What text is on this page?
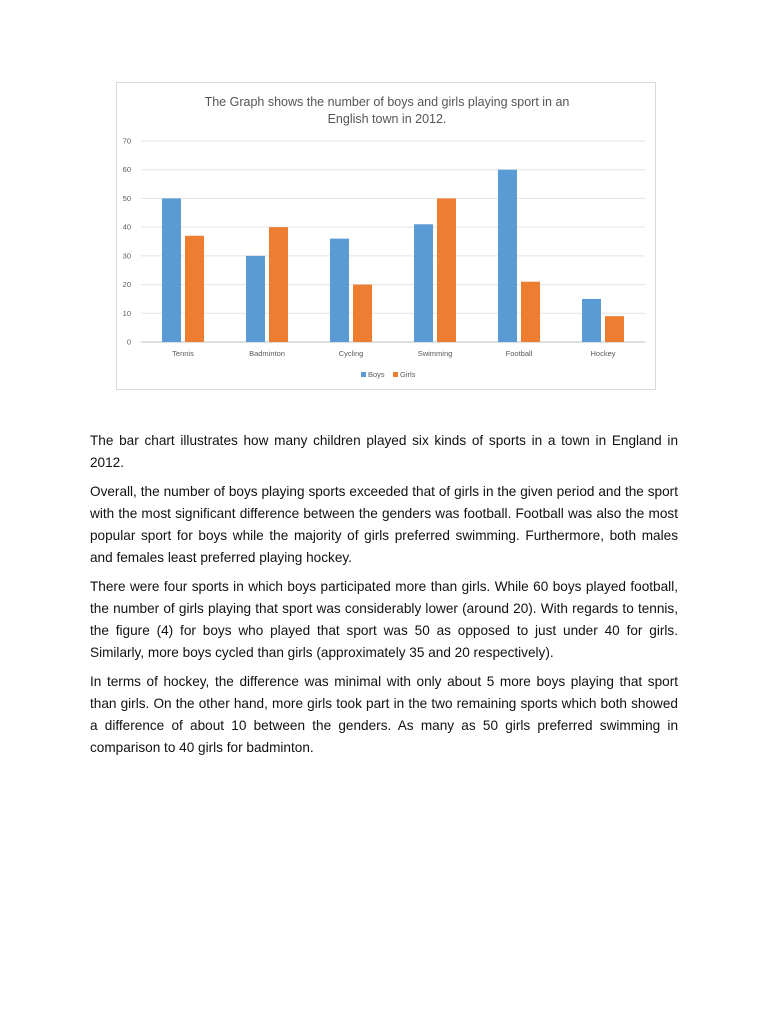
The Graph shows the number of boys and girls playing sport in an
English town in 2012.
0
10
20
30
40
50
60
70
Tennis	Badminton	Cycling	Swimming	Football	Hockey
Boys Girls

The bar chart illustrates how many children played six kinds of sports in a town in England in 2012.

Overall, the number of boys playing sports exceeded that of girls in the given period and the sport with the most significant difference between the genders was football. Football was also the most popular sport for boys while the majority of girls preferred swimming. Furthermore, both males and females least preferred playing hockey.

There were four sports in which boys participated more than girls. While 60 boys played football, the number of girls playing that sport was considerably lower (around 20). With regards to tennis, the figure (4) for boys who played that sport was 50 as opposed to just under 40 for girls. Similarly, more boys cycled than girls (approximately 35 and 20 respectively).

In terms of hockey, the difference was minimal with only about 5 more boys playing that sport than girls. On the other hand, more girls took part in the two remaining sports which both showed a difference of about 10 between the genders. As many as 50 girls preferred swimming in comparison to 40 girls for badminton.
